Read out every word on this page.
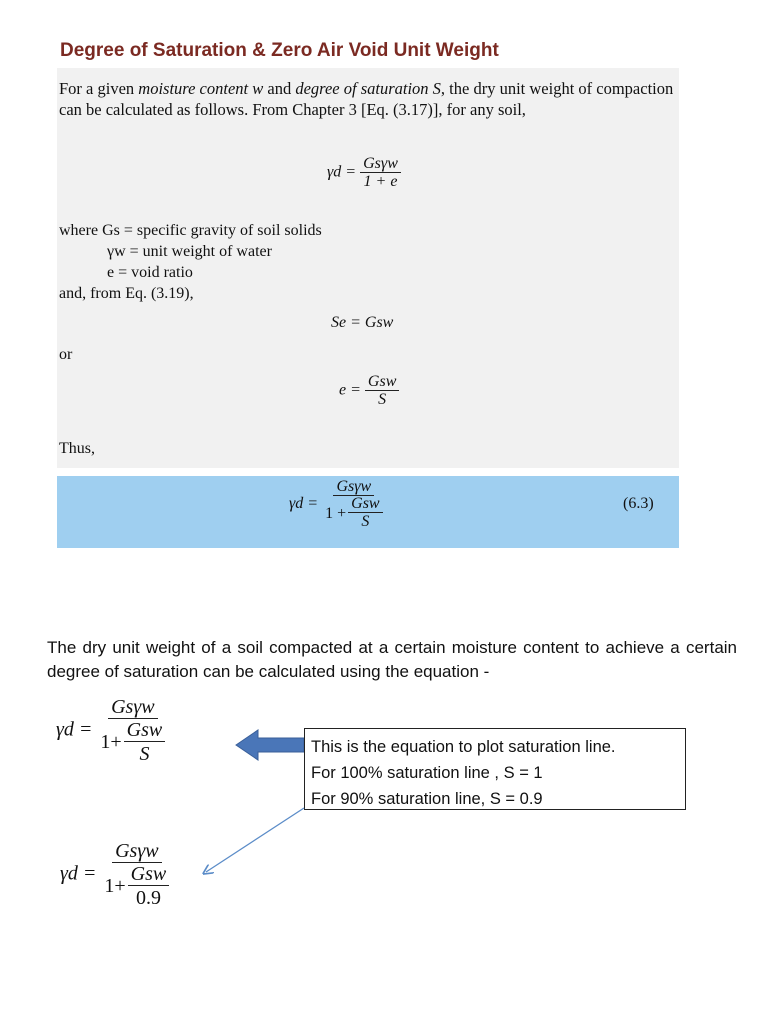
Degree of Saturation & Zero Air Void Unit Weight
For a given moisture content w and degree of saturation S, the dry unit weight of compaction can be calculated as follows. From Chapter 3 [Eq. (3.17)], for any soil,
$\gamma d = \frac{\text{Gsγw}}{1 + e}$
where Gs = specific gravity of soil solids
γw = unit weight of water
e = void ratio
and, from Eq. (3.19),
Se = Gsw
or
$e = \frac{\text{Gsw}}{S}$
Thus,
$\gamma d = \frac{\text{Gsγw}}{1 + \frac{\text{Gsw}}{S}}$	(6.3)
The dry unit weight of a soil compacted at a certain moisture content to achieve a certain degree of saturation can be calculated using the equation -
$\gamma d = \frac{\text{Gsγw}}{1+ \frac{\text{Gsw}}{S}}$	This is the equation to plot saturation line.
For 100% saturation line , S = 1
For 90% saturation line, S = 0.9
$\gamma d = \frac{\text{Gsγw}}{1+ \frac{\text{Gsw}}{0.9}}$
